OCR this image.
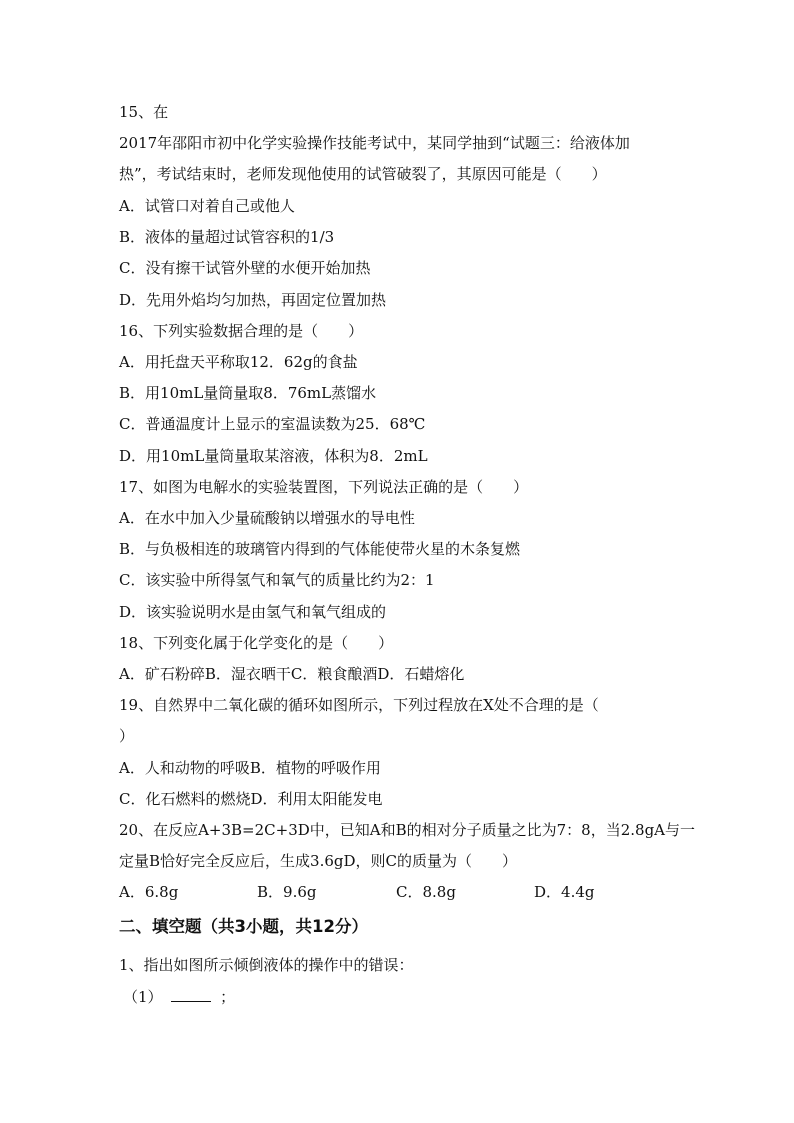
15、在
2017年邵阳市初中化学实验操作技能考试中，某同学抽到“试题三：给液体加
热”，考试结束时，老师发现他使用的试管破裂了，其原因可能是（　　）
A．试管口对着自己或他人
B．液体的量超过试管容积的1/3
C．没有擦干试管外壁的水便开始加热
D．先用外焰均匀加热，再固定位置加热
16、下列实验数据合理的是（　　）
A．用托盘天平称取12．62g的食盐
B．用10mL量筒量取8．76mL蒸馏水
C．普通温度计上显示的室温读数为25．68℃
D．用10mL量筒量取某溶液，体积为8．2mL
17、如图为电解水的实验装置图，下列说法正确的是（　　）
A．在水中加入少量硫酸钠以增强水的导电性
B．与负极相连的玻璃管内得到的气体能使带火星的木条复燃
C．该实验中所得氢气和氧气的质量比约为2：1
D．该实验说明水是由氢气和氧气组成的
18、下列变化属于化学变化的是（　　）
A．矿石粉碎B．湿衣晒干C．粮食酿酒D．石蜡熔化
19、自然界中二氧化碳的循环如图所示，下列过程放在X处不合理的是（
）
A．人和动物的呼吸B．植物的呼吸作用
C．化石燃料的燃烧D．利用太阳能发电
20、在反应A+3B=2C+3D中，已知A和B的相对分子质量之比为7：8，当2.8gA与一
定量B恰好完全反应后，生成3.6gD，则C的质量为（　　）
A．6.8g	B．9.6g	C．8.8g	D．4.4g
二、填空题（共3小题，共12分）
1、指出如图所示倾倒液体的操作中的错误：
（1）	；
